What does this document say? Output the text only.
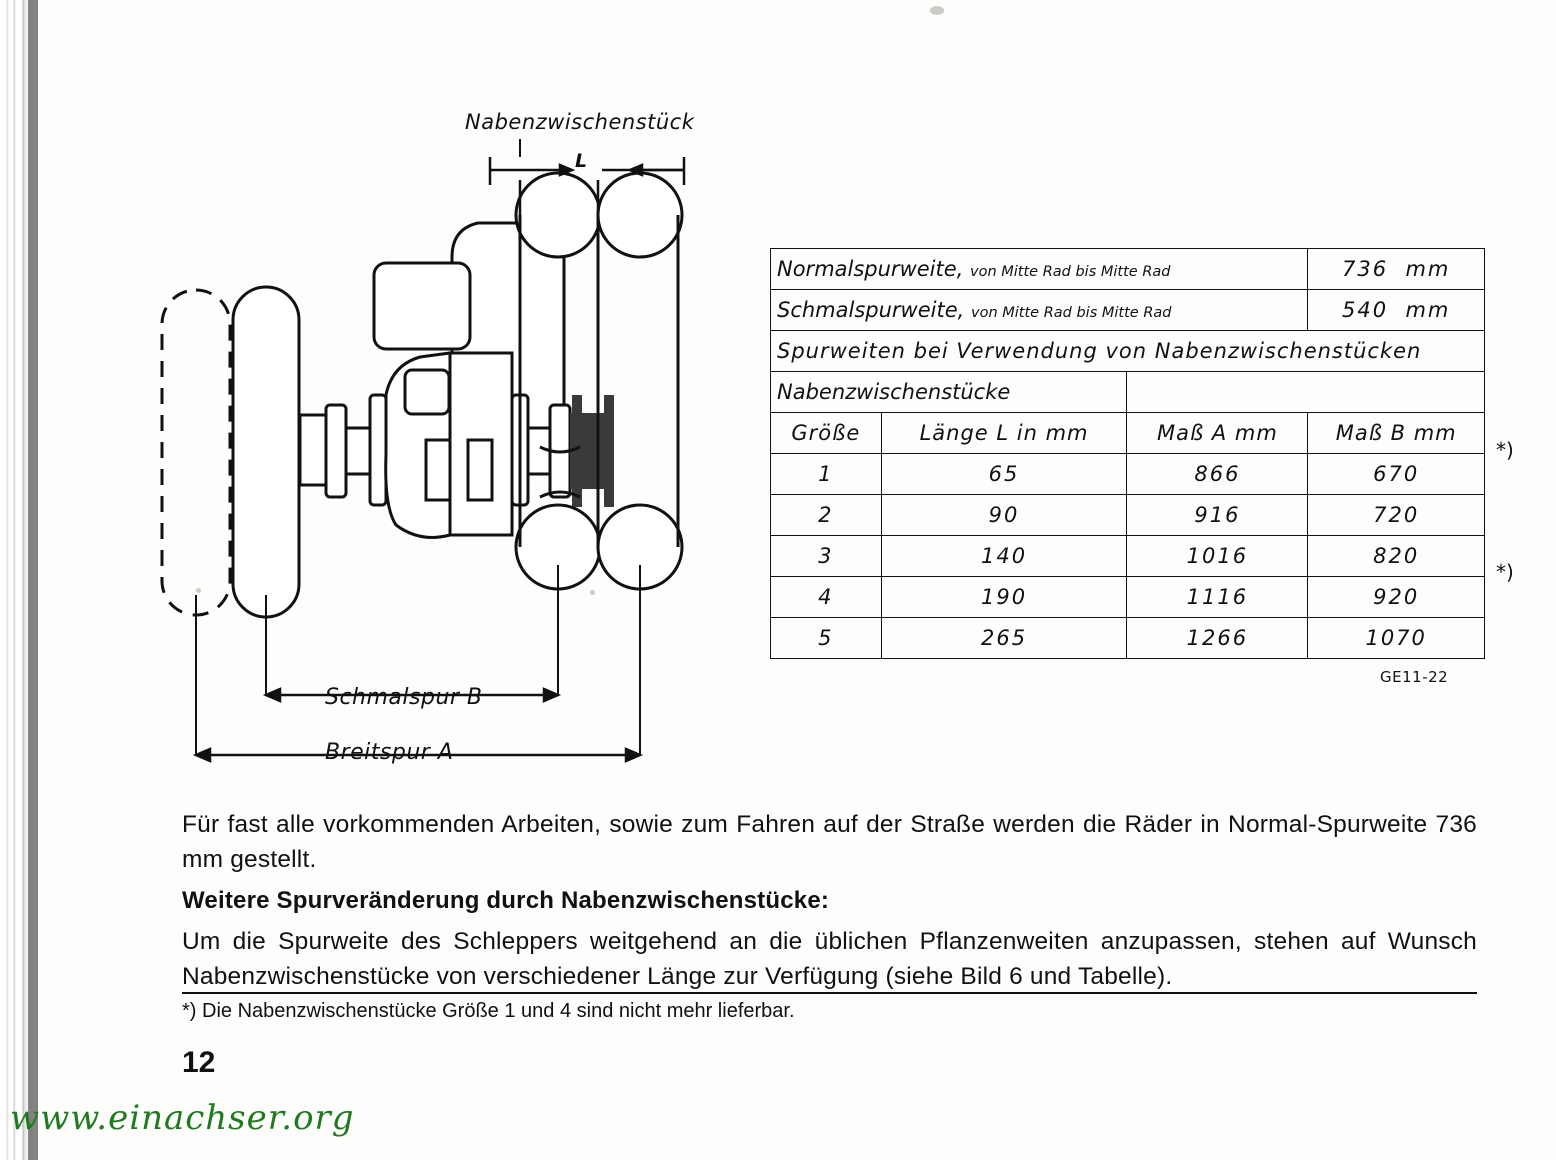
Nabenzwischenstück
L
Schmalspur B
Breitspur A
Normalspurweite, von Mitte Rad bis Mitte Rad			736 mm
Schmalspurweite, von Mitte Rad bis Mitte Rad			540 mm
Spurweiten bei Verwendung von Nabenzwischenstücken			
Nabenzwischenstücke			
Größe	Länge L in mm	Maß A mm	Maß B mm
1	65	866	670
2	90	916	720
3	140	1016	820
4	190	1116	920
5	265	1266	1070
*)
*)
GE11-22
Für fast alle vorkommenden Arbeiten, sowie zum Fahren auf der Straße werden die Räder in Normal-Spurweite 736 mm gestellt.
Weitere Spurveränderung durch Nabenzwischenstücke:
Um die Spurweite des Schleppers weitgehend an die üblichen Pflanzenweiten anzupassen, stehen auf Wunsch Nabenzwischenstücke von verschiedener Länge zur Verfügung (siehe Bild 6 und Tabelle).
*) Die Nabenzwischenstücke Größe 1 und 4 sind nicht mehr lieferbar.
12
www.einachser.org
